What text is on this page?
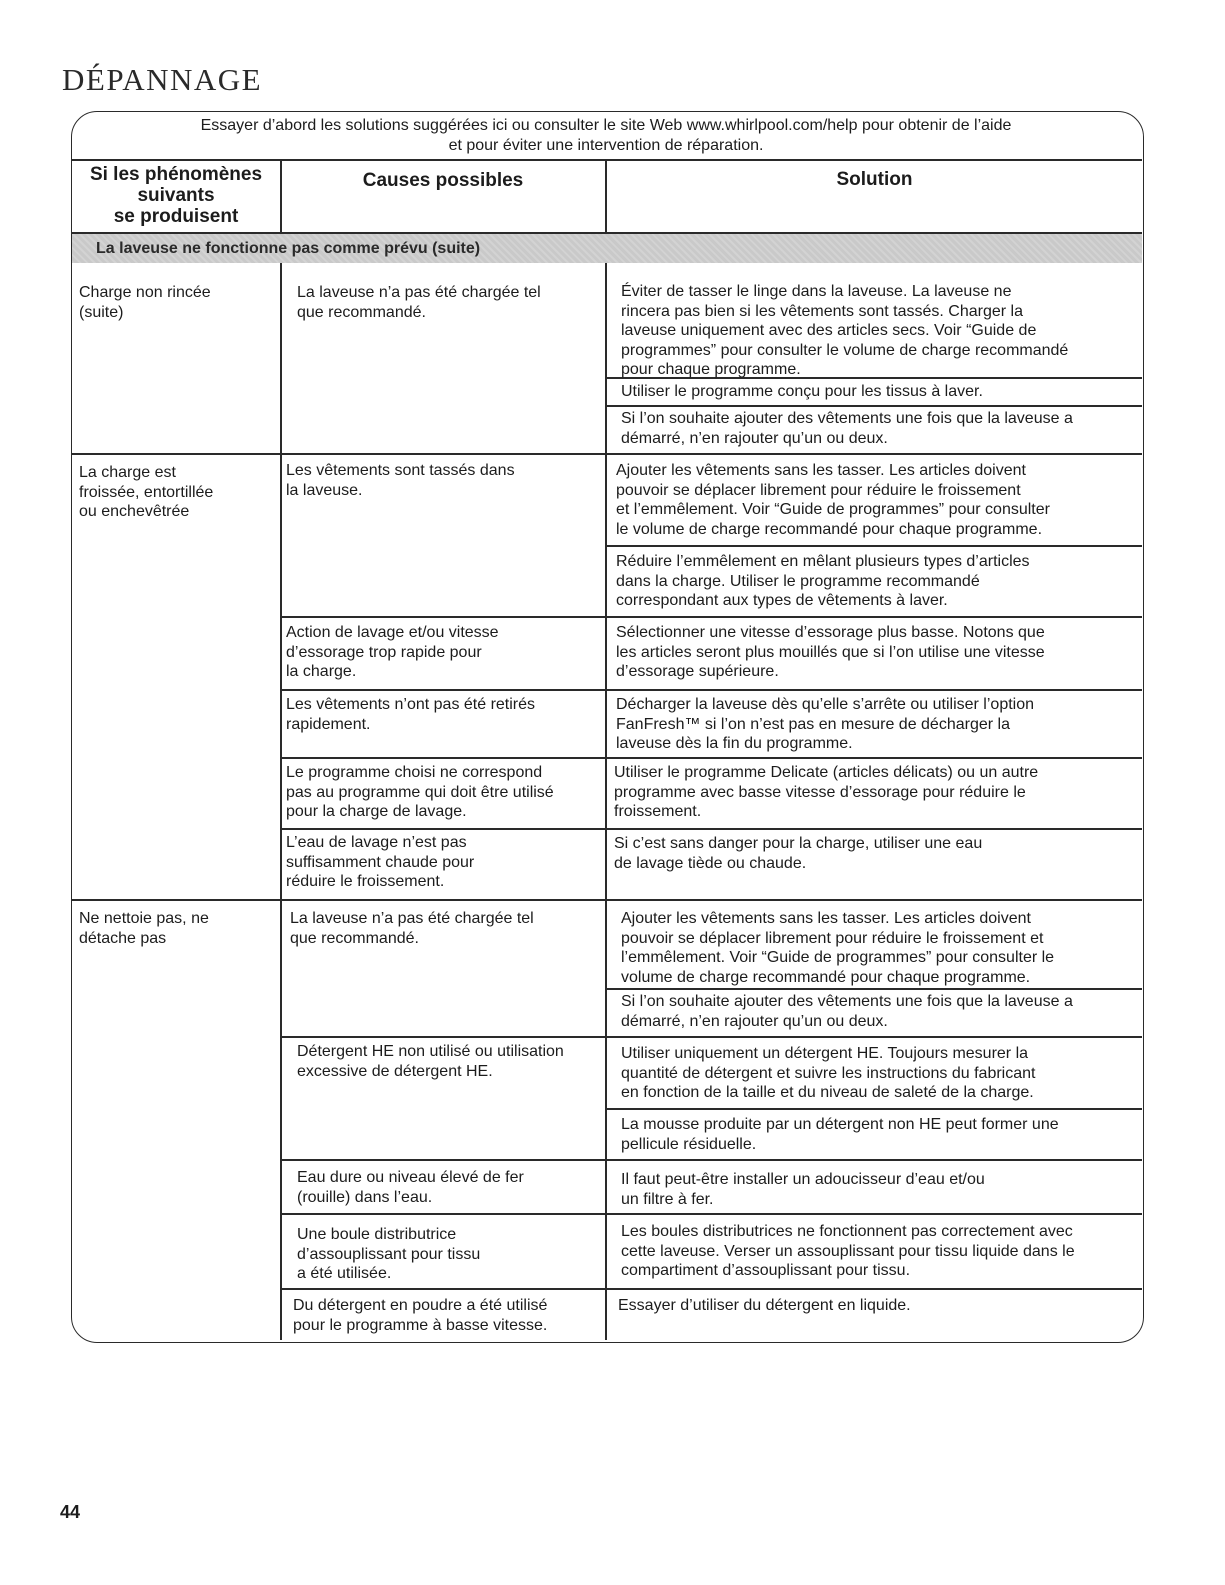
DÉPANNAGE
Essayer d’abord les solutions suggérées ici ou consulter le site Web www.whirlpool.com/help pour obtenir de l’aide
et pour éviter une intervention de réparation.
Si les phénomènes
suivants
se produisent
Causes possibles	Solution
La laveuse ne fonctionne pas comme prévu (suite)
Charge non rincée
(suite)
La charge est
froissée, entortillée
ou enchevêtrée
Ne nettoie pas, ne
détache pas
La laveuse n’a pas été chargée tel
que recommandé.
Les vêtements sont tassés dans
la laveuse.
Action de lavage et/ou vitesse
d’essorage trop rapide pour
la charge.
Les vêtements n’ont pas été retirés
rapidement.
Le programme choisi ne correspond
pas au programme qui doit être utilisé
pour la charge de lavage.
L’eau de lavage n’est pas
suffisamment chaude pour
réduire le froissement.
La laveuse n’a pas été chargée tel
que recommandé.
Détergent HE non utilisé ou utilisation
excessive de détergent HE.
Eau dure ou niveau élevé de fer
(rouille) dans l’eau.
Une boule distributrice
d’assouplissant pour tissu
a été utilisée.
Du détergent en poudre a été utilisé
pour le programme à basse vitesse.
Éviter de tasser le linge dans la laveuse. La laveuse ne
rincera pas bien si les vêtements sont tassés. Charger la
laveuse uniquement avec des articles secs. Voir “Guide de
programmes” pour consulter le volume de charge recommandé
pour chaque programme.
Utiliser le programme conçu pour les tissus à laver.
Si l’on souhaite ajouter des vêtements une fois que la laveuse a
démarré, n’en rajouter qu’un ou deux.
Ajouter les vêtements sans les tasser. Les articles doivent
pouvoir se déplacer librement pour réduire le froissement
et l’emmêlement. Voir “Guide de programmes” pour consulter
le volume de charge recommandé pour chaque programme.
Réduire l’emmêlement en mêlant plusieurs types d’articles
dans la charge. Utiliser le programme recommandé
correspondant aux types de vêtements à laver.
Sélectionner une vitesse d’essorage plus basse. Notons que
les articles seront plus mouillés que si l’on utilise une vitesse
d’essorage supérieure.
Décharger la laveuse dès qu’elle s’arrête ou utiliser l’option
FanFresh™ si l’on n’est pas en mesure de décharger la
laveuse dès la fin du programme.
Utiliser le programme Delicate (articles délicats) ou un autre
programme avec basse vitesse d’essorage pour réduire le
froissement.
Si c’est sans danger pour la charge, utiliser une eau
de lavage tiède ou chaude.
Ajouter les vêtements sans les tasser. Les articles doivent
pouvoir se déplacer librement pour réduire le froissement et
l’emmêlement. Voir “Guide de programmes” pour consulter le
volume de charge recommandé pour chaque programme.
Si l’on souhaite ajouter des vêtements une fois que la laveuse a
démarré, n’en rajouter qu’un ou deux.
Utiliser uniquement un détergent HE. Toujours mesurer la
quantité de détergent et suivre les instructions du fabricant
en fonction de la taille et du niveau de saleté de la charge.
La mousse produite par un détergent non HE peut former une
pellicule résiduelle.
Il faut peut-être installer un adoucisseur d’eau et/ou
un filtre à fer.
Les boules distributrices ne fonctionnent pas correctement avec
cette laveuse. Verser un assouplissant pour tissu liquide dans le
compartiment d’assouplissant pour tissu.
Essayer d’utiliser du détergent en liquide.
44
